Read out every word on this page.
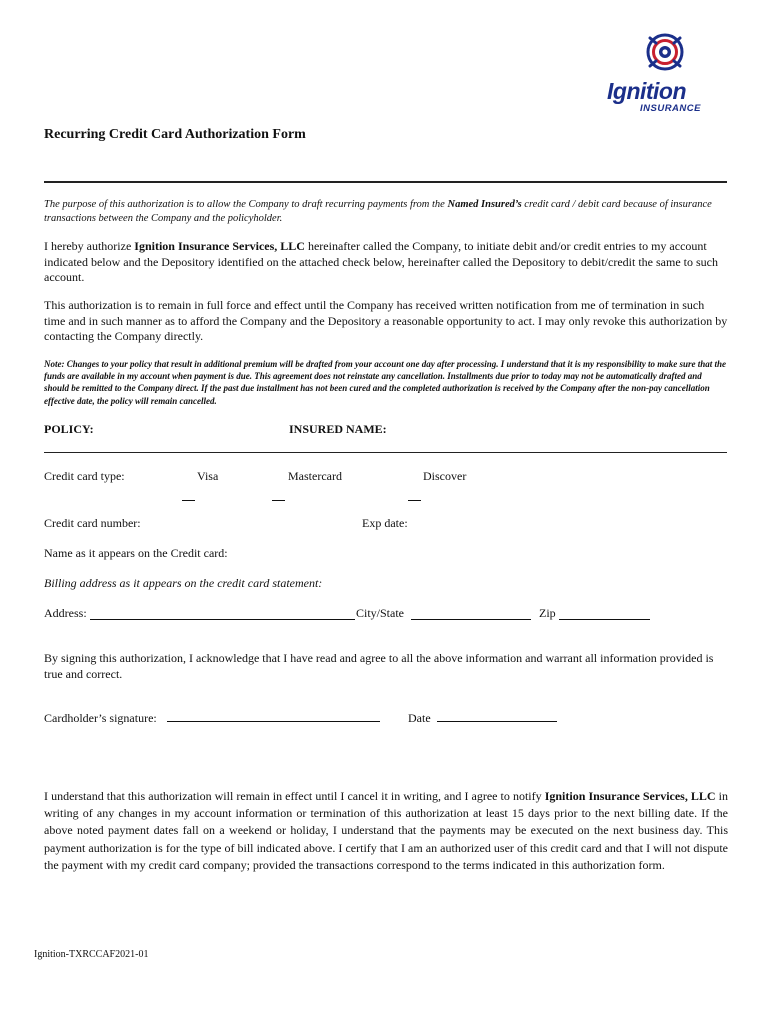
Ignition
INSURANCE
Recurring Credit Card Authorization Form
The purpose of this authorization is to allow the Company to draft recurring payments from the Named Insured’s credit card / debit card because of insurance transactions between the Company and the policyholder.
I hereby authorize Ignition Insurance Services, LLC hereinafter called the Company, to initiate debit and/or credit entries to my account indicated below and the Depository identified on the attached check below, hereinafter called the Depository to debit/credit the same to such account.
This authorization is to remain in full force and effect until the Company has received written notification from me of termination in such time and in such manner as to afford the Company and the Depository a reasonable opportunity to act. I may only revoke this authorization by contacting the Company directly.
Note: Changes to your policy that result in additional premium will be drafted from your account one day after processing. I understand that it is my responsibility to make sure that the funds are available in my account when payment is due. This agreement does not reinstate any cancellation. Installments due prior to today may not be automatically drafted and should be remitted to the Company direct. If the past due installment has not been cured and the completed authorization is received by the Company after the non-pay cancellation effective date, the policy will remain cancelled.
POLICY:	INSURED NAME:
Credit card type:	Visa	Mastercard	Discover
Credit card number:	Exp date:
Name as it appears on the Credit card:
Billing address as it appears on the credit card statement:
Address:	City/State	Zip
By signing this authorization, I acknowledge that I have read and agree to all the above information and warrant all information provided is true and correct.
Cardholder’s signature:	Date
I understand that this authorization will remain in effect until I cancel it in writing, and I agree to notify Ignition Insurance Services, LLC in writing of any changes in my account information or termination of this authorization at least 15 days prior to the next billing date. If the above noted payment dates fall on a weekend or holiday, I understand that the payments may be executed on the next business day. This payment authorization is for the type of bill indicated above. I certify that I am an authorized user of this credit card and that I will not dispute the payment with my credit card company; provided the transactions correspond to the terms indicated in this authorization form.
Ignition-TXRCCAF2021-01
